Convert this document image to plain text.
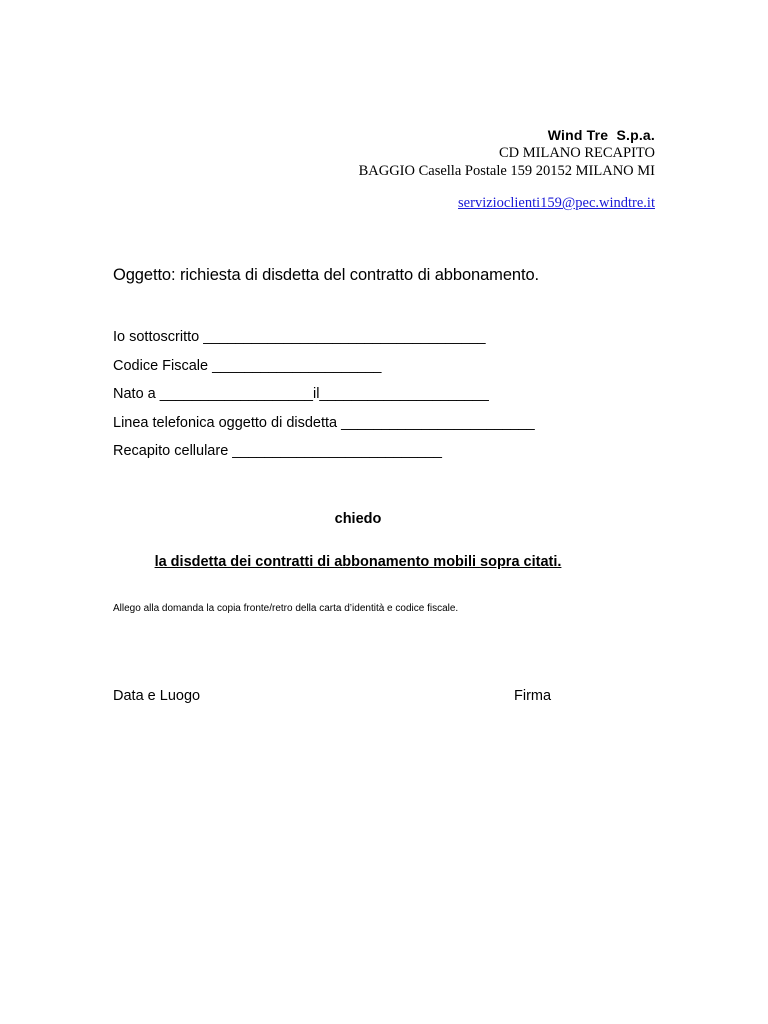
Wind Tre  S.p.a.
CD MILANO RECAPITO
BAGGIO Casella Postale 159 20152 MILANO MI
servizioclienti159@pec.windtre.it
Oggetto: richiesta di disdetta del contratto di abbonamento.
Io sottoscritto ___________________________________
Codice Fiscale _____________________
Nato a ___________________il_____________________
Linea telefonica oggetto di disdetta ________________________
Recapito cellulare __________________________
chiedo
la disdetta dei contratti di abbonamento mobili sopra citati.
Allego alla domanda la copia fronte/retro della carta d’identità e codice fiscale.
Data e Luogo	Firma
